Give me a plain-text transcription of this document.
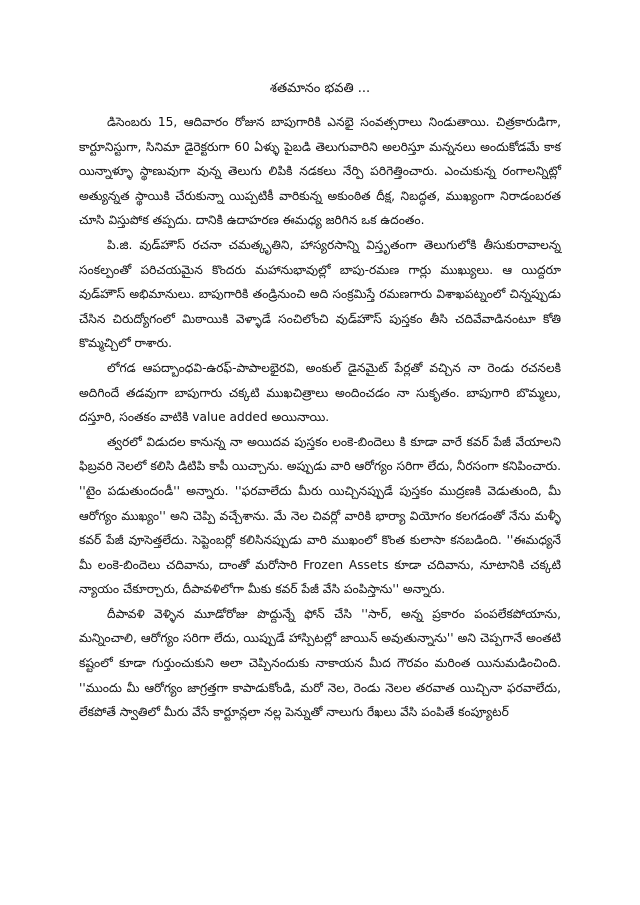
శతమానం భవతి ...

డిసెంబరు 15, ఆదివారం రోజున బాపుగారికి ఎనభై సంవత్సరాలు నిండుతాయి. చిత్రకారుడిగా, కార్టూనిస్టుగా, సినిమా డైరెక్టరుగా 60 ఏళ్ళు పైబడి తెలుగువారిని అలరిస్తూ మన్ననలు అందుకోడమే కాక యిన్నాళ్ళూ స్థాణువుగా వున్న తెలుగు లిపికి నడకలు నేర్పి పరిగెత్తించారు. ఎంచుకున్న రంగాలన్నిట్లో అత్యున్నత స్థాయికి చేరుకున్నా యిప్పటికీ వారికున్న అకుంఠిత దీక్ష, నిబద్ధత, ముఖ్యంగా నిరాడంబరత చూసి విస్తుపోక తప్పదు. దానికి ఉదాహరణ ఈమధ్య జరిగిన ఒక ఉదంతం.

పి.జి. వుడ్‌హౌస్ రచనా చమత్కృతిని, హాస్యరసాన్ని విస్తృతంగా తెలుగులోకి తీసుకురావాలన్న సంకల్పంతో పరిచయమైన కొందరు మహానుభావుల్లో బాపు-రమణ గార్లు ముఖ్యులు. ఆ యిద్దరూ వుడ్‌హౌస్ అభిమానులు. బాపుగారికి తండ్రినుంచి అది సంక్రమిస్తే రమణగారు విశాఖపట్నంలో చిన్నప్పుడు చేసిన చిరుద్యోగంలో మిఠాయికి వెళ్ళాడే సంచిలోంచి వుడ్‌హౌస్ పుస్తకం తీసి చదివేవాడినంటూ కోతి కొమ్మచ్చిలో రాశారు.

లోగడ ఆపద్బాంధవి-ఉరఫ్-పాపాలభైరవి, అంకుల్ డైనమైట్ పేర్లతో వచ్చిన నా రెండు రచనలకి అదిగిందే తడవుగా బాపుగారు చక్కటి ముఖచిత్రాలు అందించడం నా సుకృతం. బాపుగారి బొమ్మలు, దస్తూరి, సంతకం వాటికి value added అయినాయి.

త్వరలో విడుదల కానున్న నా అయిదవ పుస్తకం లంకె-బిందెలు కి కూడా వారే కవర్ పేజీ వేయాలని ఫిబ్రవరి నెలలో కలిసి డిటిపి కాపీ యిచ్చాను. అప్పుడు వారి ఆరోగ్యం సరిగా లేదు, నీరసంగా కనిపించారు. ''టైం పడుతుందండీ'' అన్నారు. ''ఫరవాలేదు మీరు యిచ్చినప్పుడే పుస్తకం ముద్రణకి వెడుతుంది, మీ ఆరోగ్యం ముఖ్యం'' అని చెప్పి వచ్చేశాను. మే నెల చివర్లో వారికి భార్యా వియోగం కలగడంతో నేను మళ్ళీ కవర్ పేజీ వూసెత్తలేదు. సెప్టెంబర్లో కలిసినప్పుడు వారి ముఖంలో కొంత కులాసా కనబడింది. ''ఈమధ్యనే మీ లంకె-బిందెలు చదివాను, దాంతో మరోసారి Frozen Assets కూడా చదివాను, నూటానికి చక్కటి న్యాయం చేకూర్చారు, దీపావళిలోగా మీకు కవర్ పేజీ వేసి పంపిస్తాను'' అన్నారు.

దీపావళి వెళ్ళిన మూడోరోజు పొద్దున్నే ఫోన్ చేసి ''సార్, అన్న ప్రకారం పంపలేకపోయాను, మన్నించాలి, ఆరోగ్యం సరిగా లేదు, యిప్పుడే హాస్పిటల్లో జాయిన్ అవుతున్నాను'' అని చెప్పగానే అంతటి కష్టంలో కూడా గుర్తుంచుకుని అలా చెప్పినందుకు నాకాయన మీద గౌరవం మరింత యినుమడించింది. ''ముందు మీ ఆరోగ్యం జాగ్రత్తగా కాపాడుకోండి, మరో నెల, రెండు నెలల తరవాత యిచ్చినా ఫరవాలేదు, లేకపోతే స్వాతిలో మీరు వేసే కార్టూన్లలా నల్ల పెన్నుతో నాలుగు రేఖలు వేసి పంపితే కంప్యూటర్
